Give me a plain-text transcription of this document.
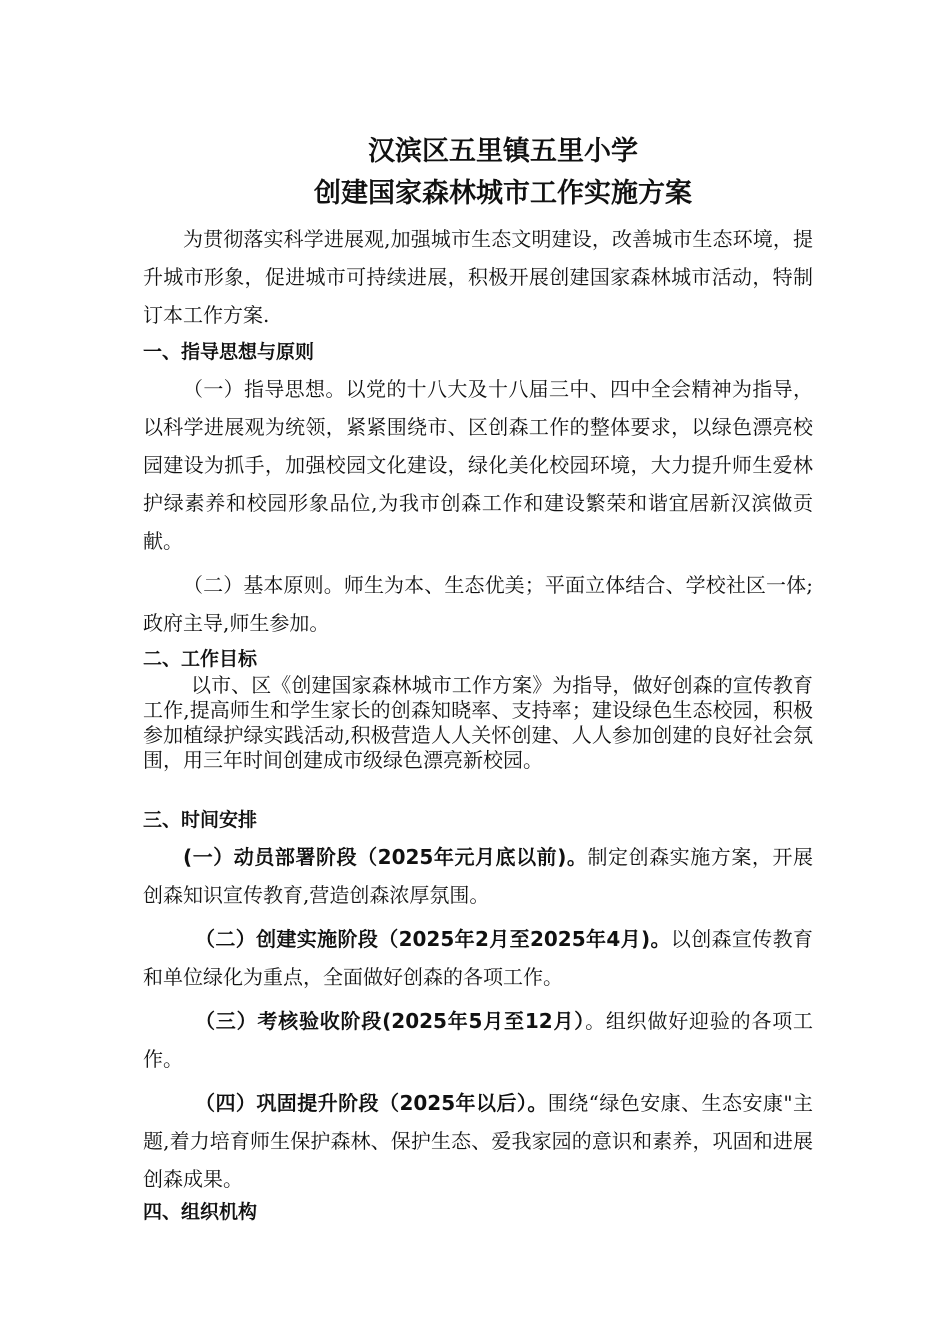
汉滨区五里镇五里小学
创建国家森林城市工作实施方案

为贯彻落实科学进展观,加强城市生态文明建设，改善城市生态环境，提升城市形象，促进城市可持续进展，积极开展创建国家森林城市活动，特制订本工作方案.

一、指导思想与原则

（一）指导思想。以党的十八大及十八届三中、四中全会精神为指导，以科学进展观为统领，紧紧围绕市、区创森工作的整体要求，以绿色漂亮校园建设为抓手，加强校园文化建设，绿化美化校园环境，大力提升师生爱林护绿素养和校园形象品位,为我市创森工作和建设繁荣和谐宜居新汉滨做贡献。

（二）基本原则。师生为本、生态优美；平面立体结合、学校社区一体;政府主导,师生参加。

二、工作目标

以市、区《创建国家森林城市工作方案》为指导，做好创森的宣传教育工作,提高师生和学生家长的创森知晓率、支持率；建设绿色生态校园，积极参加植绿护绿实践活动,积极营造人人关怀创建、人人参加创建的良好社会氛围，用三年时间创建成市级绿色漂亮新校园。

三、时间安排

(一）动员部署阶段（2025年元月底以前)。制定创森实施方案，开展创森知识宣传教育,营造创森浓厚氛围。

（二）创建实施阶段（2025年2月至2025年4月)。以创森宣传教育和单位绿化为重点，全面做好创森的各项工作。

（三）考核验收阶段(2025年5月至12月）。组织做好迎验的各项工作。

（四）巩固提升阶段（2025年以后）。围绕“绿色安康、生态安康"主题,着力培育师生保护森林、保护生态、爱我家园的意识和素养，巩固和进展创森成果。

四、组织机构
